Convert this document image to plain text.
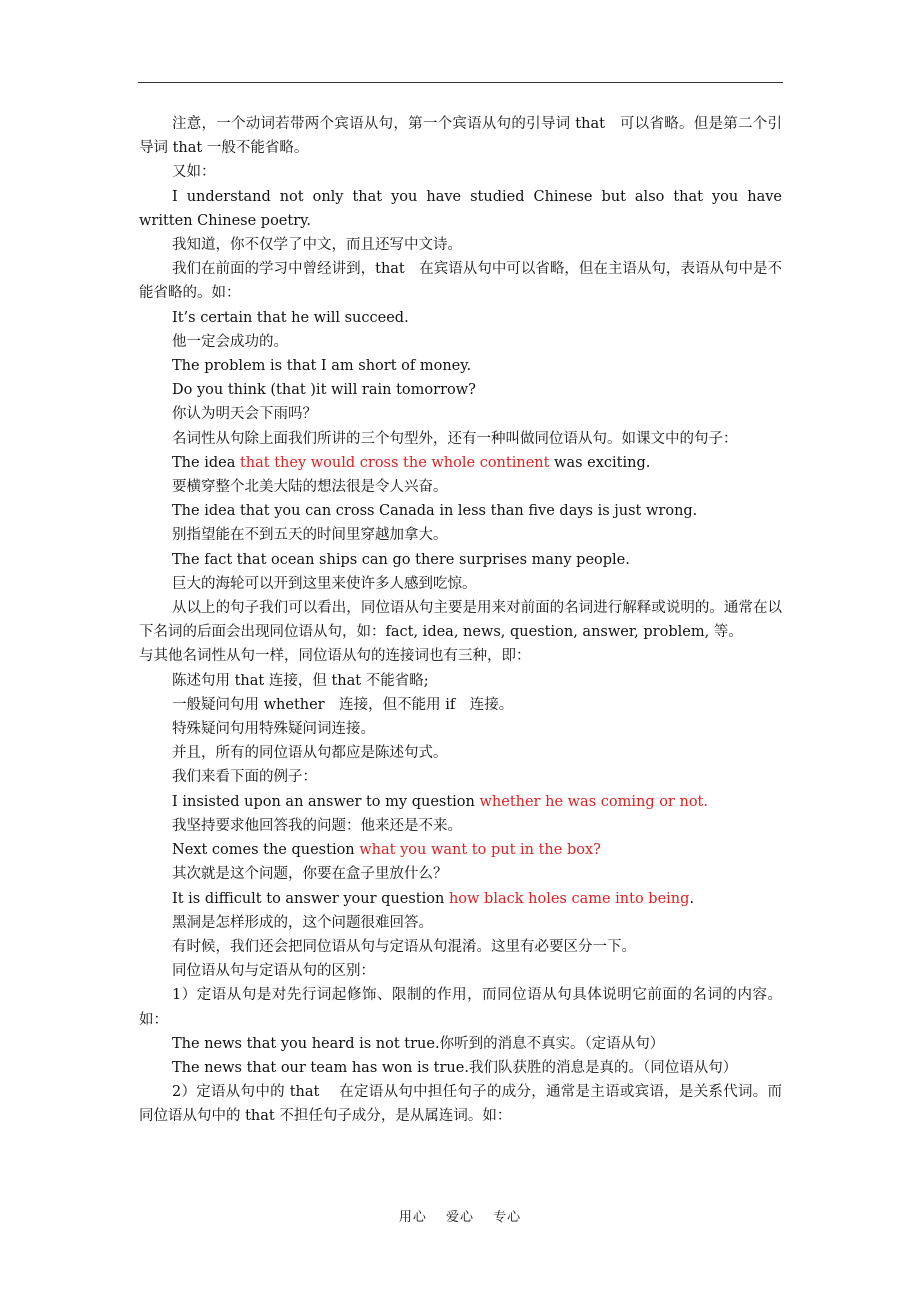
注意，一个动词若带两个宾语从句，第一个宾语从句的引导词 that　可以省略。但是第二个引导词 that 一般不能省略。

又如：

I understand not only that you have studied Chinese but also that you have written Chinese poetry.

我知道，你不仅学了中文，而且还写中文诗。

我们在前面的学习中曾经讲到，that　在宾语从句中可以省略，但在主语从句，表语从句中是不能省略的。如：

It’s certain that he will succeed.

他一定会成功的。

The problem is that I am short of money.

Do you think (that )it will rain tomorrow?

你认为明天会下雨吗？

名词性从句除上面我们所讲的三个句型外，还有一种叫做同位语从句。如课文中的句子：

The idea that they would cross the whole continent was exciting.

要横穿整个北美大陆的想法很是令人兴奋。

The idea that you can cross Canada in less than five days is just wrong.

别指望能在不到五天的时间里穿越加拿大。

The fact that ocean ships can go there surprises many people.

巨大的海轮可以开到这里来使许多人感到吃惊。

从以上的句子我们可以看出，同位语从句主要是用来对前面的名词进行解释或说明的。通常在以下名词的后面会出现同位语从句，如：fact, idea, news, question, answer, problem, 等。

与其他名词性从句一样，同位语从句的连接词也有三种，即：

陈述句用 that 连接，但 that 不能省略;

一般疑问句用 whether　连接，但不能用 if　连接。

特殊疑问句用特殊疑问词连接。

并且，所有的同位语从句都应是陈述句式。

我们来看下面的例子：

I insisted upon an answer to my question whether he was coming or not.

我坚持要求他回答我的问题：他来还是不来。

Next comes the question what you want to put in the box?

其次就是这个问题，你要在盒子里放什么？

It is difficult to answer your question how black holes came into being.

黑洞是怎样形成的，这个问题很难回答。

有时候，我们还会把同位语从句与定语从句混淆。这里有必要区分一下。

同位语从句与定语从句的区别：

1）定语从句是对先行词起修饰、限制的作用，而同位语从句具体说明它前面的名词的内容。如：

The news that you heard is not true.你听到的消息不真实。（定语从句）

The news that our team has won is true.我们队获胜的消息是真的。（同位语从句）

2）定语从句中的 that　 在定语从句中担任句子的成分，通常是主语或宾语，是关系代词。而同位语从句中的 that 不担任句子成分，是从属连词。如：

用心 爱心 专心
